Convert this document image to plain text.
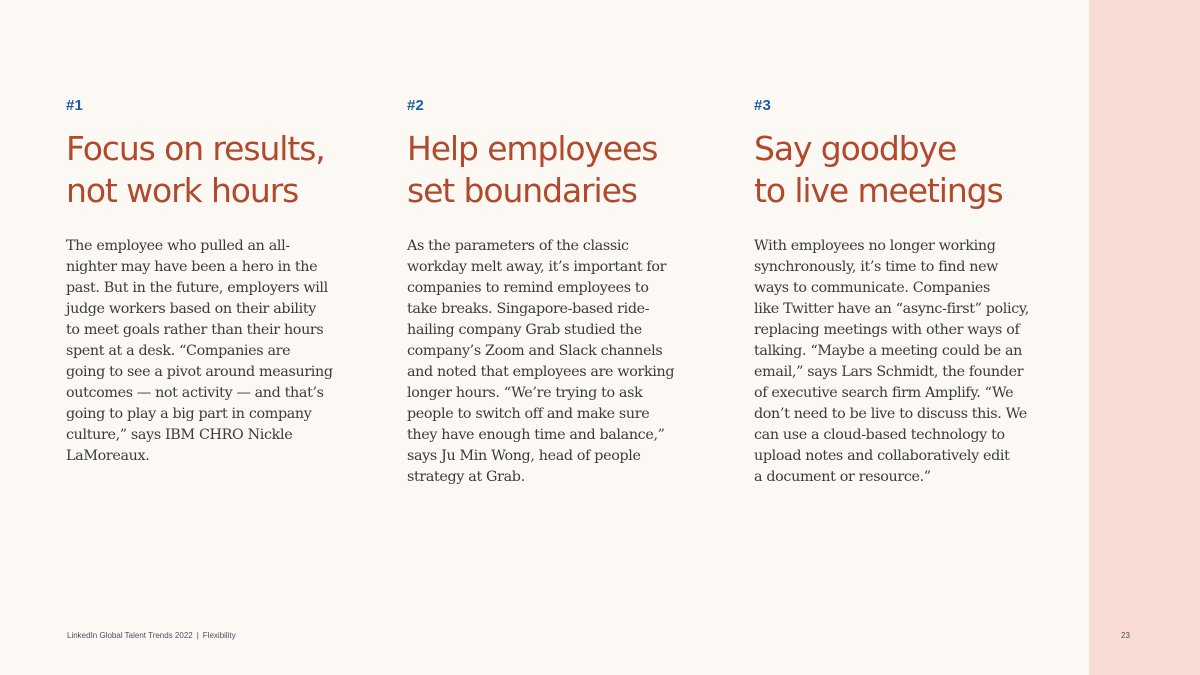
#1
Focus on results,
not work hours
The employee who pulled an all-
nighter may have been a hero in the
past. But in the future, employers will
judge workers based on their ability
to meet goals rather than their hours
spent at a desk. “Companies are
going to see a pivot around measuring
outcomes — not activity — and that’s
going to play a big part in company
culture,” says IBM CHRO Nickle
LaMoreaux.
#2
Help employees
set boundaries
As the parameters of the classic
workday melt away, it’s important for
companies to remind employees to
take breaks. Singapore-based ride-
hailing company Grab studied the
company’s Zoom and Slack channels
and noted that employees are working
longer hours. “We’re trying to ask
people to switch off and make sure
they have enough time and balance,”
says Ju Min Wong, head of people
strategy at Grab.
#3
Say goodbye
to live meetings
With employees no longer working
synchronously, it’s time to find new
ways to communicate. Companies
like Twitter have an “async-first” policy,
replacing meetings with other ways of
talking. “Maybe a meeting could be an
email,” says Lars Schmidt, the founder
of executive search firm Amplify. “We
don’t need to be live to discuss this. We
can use a cloud-based technology to
upload notes and collaboratively edit
a document or resource.”
LinkedIn Global Talent Trends 2022 | Flexibility	23
